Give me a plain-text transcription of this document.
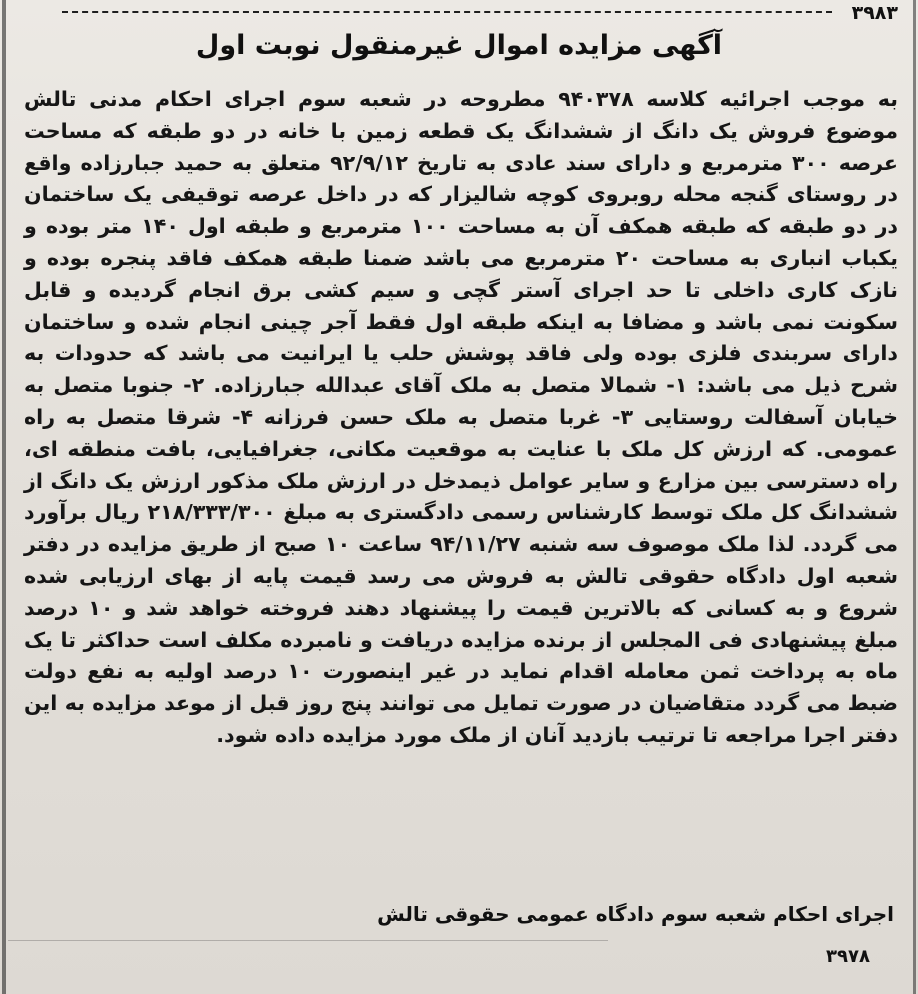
۳۹۸۳
آگهی مزایده اموال غیرمنقول نوبت اول

به موجب اجرائیه کلاسه ۹۴۰۳۷۸ مطروحه در شعبه سوم اجرای احکام مدنی تالش موضوع فروش یک دانگ از ششدانگ یک قطعه زمین با خانه در دو طبقه که مساحت عرصه ۳۰۰ مترمربع و دارای سند عادی به تاریخ ۹۲/۹/۱۲ متعلق به حمید جبارزاده واقع در روستای گنجه محله روبروی کوچه شالیزار که در داخل عرصه توقیفی یک ساختمان در دو طبقه که طبقه همکف آن به مساحت ۱۰۰ مترمربع و طبقه اول ۱۴۰ متر بوده و یکباب انباری به مساحت ۲۰ مترمربع می باشد ضمنا طبقه همکف فاقد پنجره بوده و نازک کاری داخلی تا حد اجرای آستر گچی و سیم کشی برق انجام گردیده و قابل سکونت نمی باشد و مضافا به اینکه طبقه اول فقط آجر چینی انجام شده و ساختمان دارای سربندی فلزی بوده ولی فاقد پوشش حلب یا ایرانیت می باشد که حدودات به شرح ذیل می باشد: ۱- شمالا متصل به ملک آقای عبدالله جبارزاده. ۲- جنوبا متصل به خیابان آسفالت روستایی ۳- غربا متصل به ملک حسن فرزانه ۴- شرقا متصل به راه عمومی. که ارزش کل ملک با عنایت به موقعیت مکانی، جغرافیایی، بافت منطقه ای، راه دسترسی بین مزارع و سایر عوامل ذیمدخل در ارزش ملک مذکور ارزش یک دانگ از ششدانگ کل ملک توسط کارشناس رسمی دادگستری به مبلغ ۲۱۸/۳۳۳/۳۰۰ ریال برآورد می گردد. لذا ملک موصوف سه شنبه ۹۴/۱۱/۲۷ ساعت ۱۰ صبح از طریق مزایده در دفتر شعبه اول دادگاه حقوقی تالش به فروش می رسد قیمت پایه از بهای ارزیابی شده شروع و به کسانی که بالاترین قیمت را پیشنهاد دهند فروخته خواهد شد و ۱۰ درصد مبلغ پیشنهادی فی المجلس از برنده مزایده دریافت و نامبرده مکلف است حداکثر تا یک ماه به پرداخت ثمن معامله اقدام نماید در غیر اینصورت ۱۰ درصد اولیه به نفع دولت ضبط می گردد متقاضیان در صورت تمایل می توانند پنج روز قبل از موعد مزایده به این دفتر اجرا مراجعه تا ترتیب بازدید آنان از ملک مورد مزایده داده شود.

اجرای احکام شعبه سوم دادگاه عمومی حقوقی تالش
۳۹۷۸
